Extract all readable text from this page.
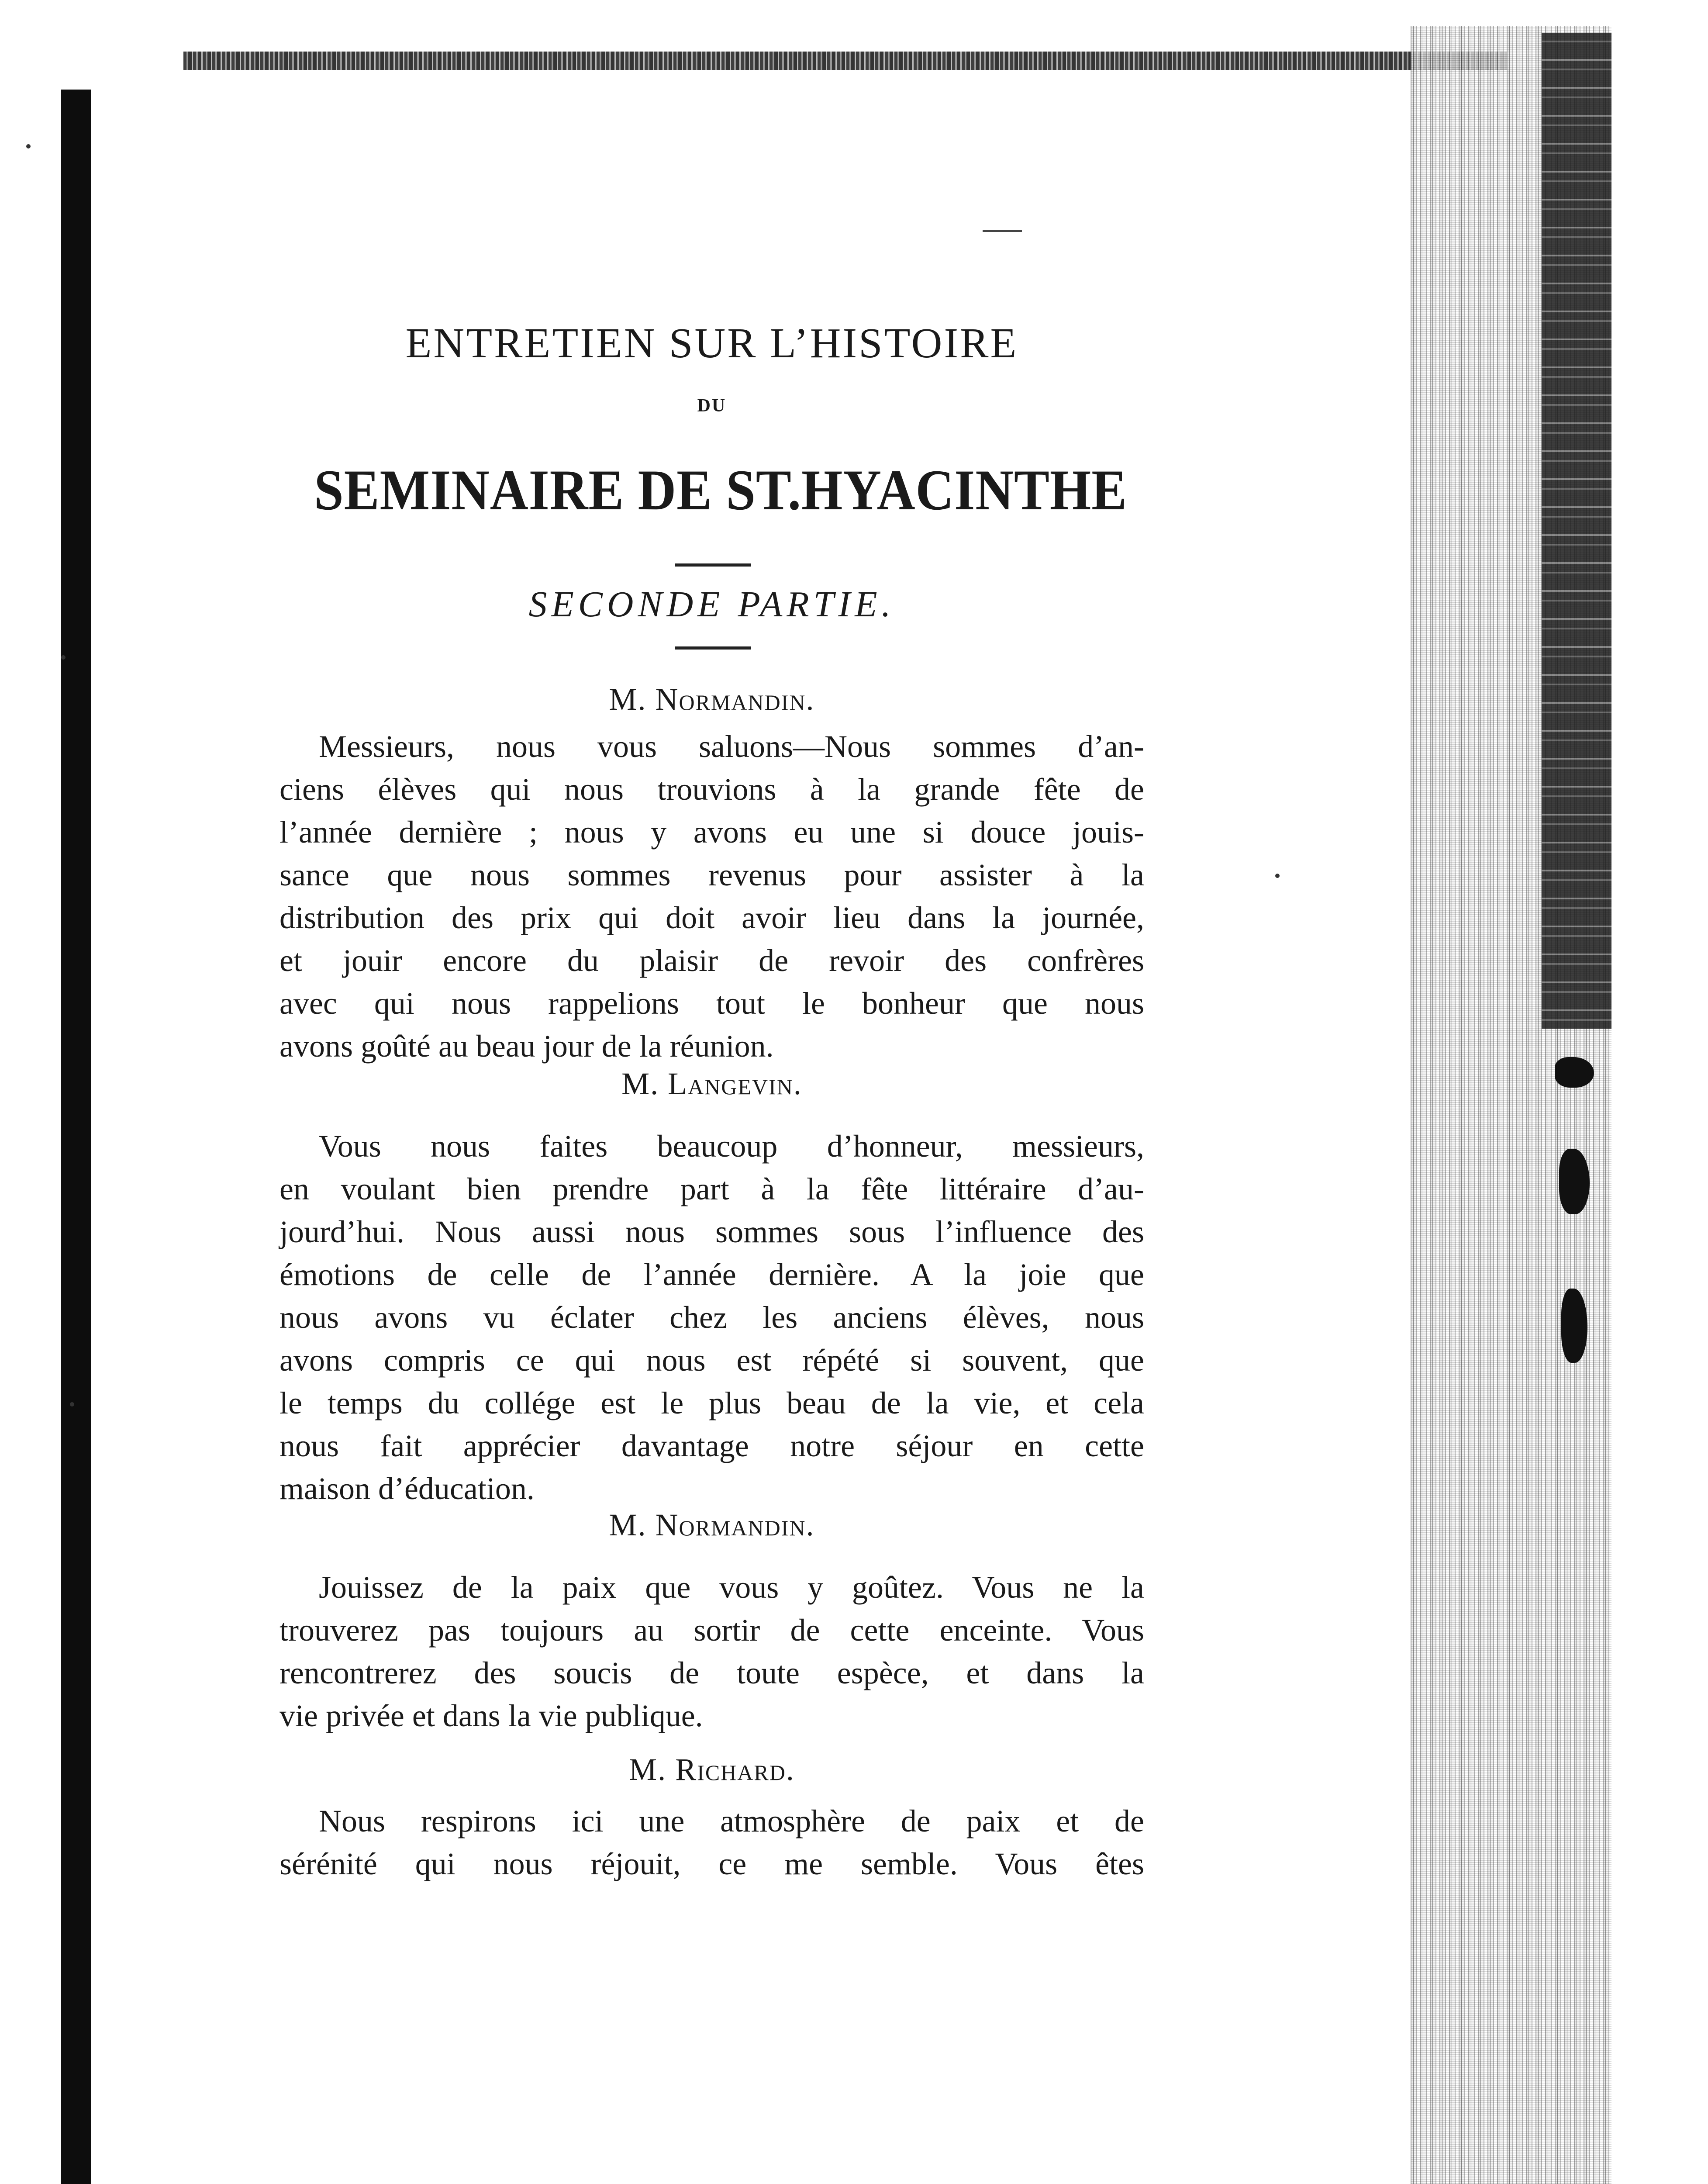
ENTRETIEN SUR L’HISTOIRE
DU
SEMINAIRE DE ST.HYACINTHE
SECONDE PARTIE.
M. Normandin.
Messieurs, nous vous saluons—Nous sommes d’an-
ciens élèves qui nous trouvions à la grande fête de
l’année dernière ; nous y avons eu une si douce jouis-
sance que nous sommes revenus pour assister à la
distribution des prix qui doit avoir lieu dans la journée,
et jouir encore du plaisir de revoir des confrères
avec qui nous rappelions tout le bonheur que nous
avons goûté au beau jour de la réunion.
M. Langevin.
Vous nous faites beaucoup d’honneur, messieurs,
en voulant bien prendre part à la fête littéraire d’au-
jourd’hui. Nous aussi nous sommes sous l’influence des
émotions de celle de l’année dernière. A la joie que
nous avons vu éclater chez les anciens élèves, nous
avons compris ce qui nous est répété si souvent, que
le temps du collége est le plus beau de la vie, et cela
nous fait apprécier davantage notre séjour en cette
maison d’éducation.
M. Normandin.
Jouissez de la paix que vous y goûtez. Vous ne la
trouverez pas toujours au sortir de cette enceinte. Vous
rencontrerez des soucis de toute espèce, et dans la
vie privée et dans la vie publique.
M. Richard.
Nous respirons ici une atmosphère de paix et de
sérénité qui nous réjouit, ce me semble. Vous êtes
